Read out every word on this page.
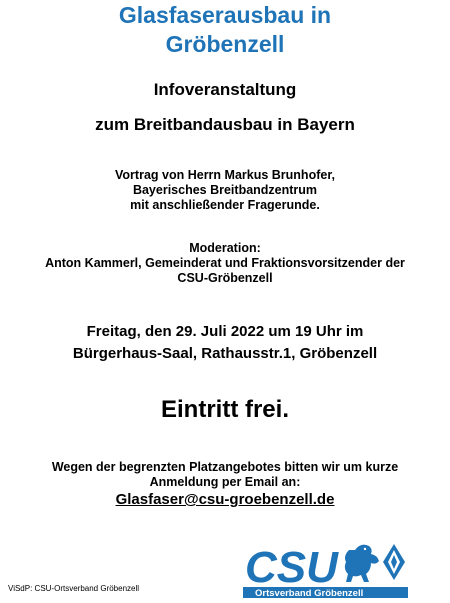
Glasfaserausbau in
Gröbenzell
Infoveranstaltung
zum Breitbandausbau in Bayern
Vortrag von Herrn Markus Brunhofer,
Bayerisches Breitbandzentrum
mit anschließender Fragerunde.
Moderation:
Anton Kammerl, Gemeinderat und Fraktionsvorsitzender der
CSU-Gröbenzell
Freitag, den 29. Juli 2022 um 19 Uhr im
Bürgerhaus-Saal, Rathausstr.1, Gröbenzell
Eintritt frei.
Wegen der begrenzten Platzangebotes bitten wir um kurze
Anmeldung per Email an:
Glasfaser@csu-groebenzell.de
ViSdP: CSU-Ortsverband Gröbenzell CSU
Ortsverband Gröbenzell
